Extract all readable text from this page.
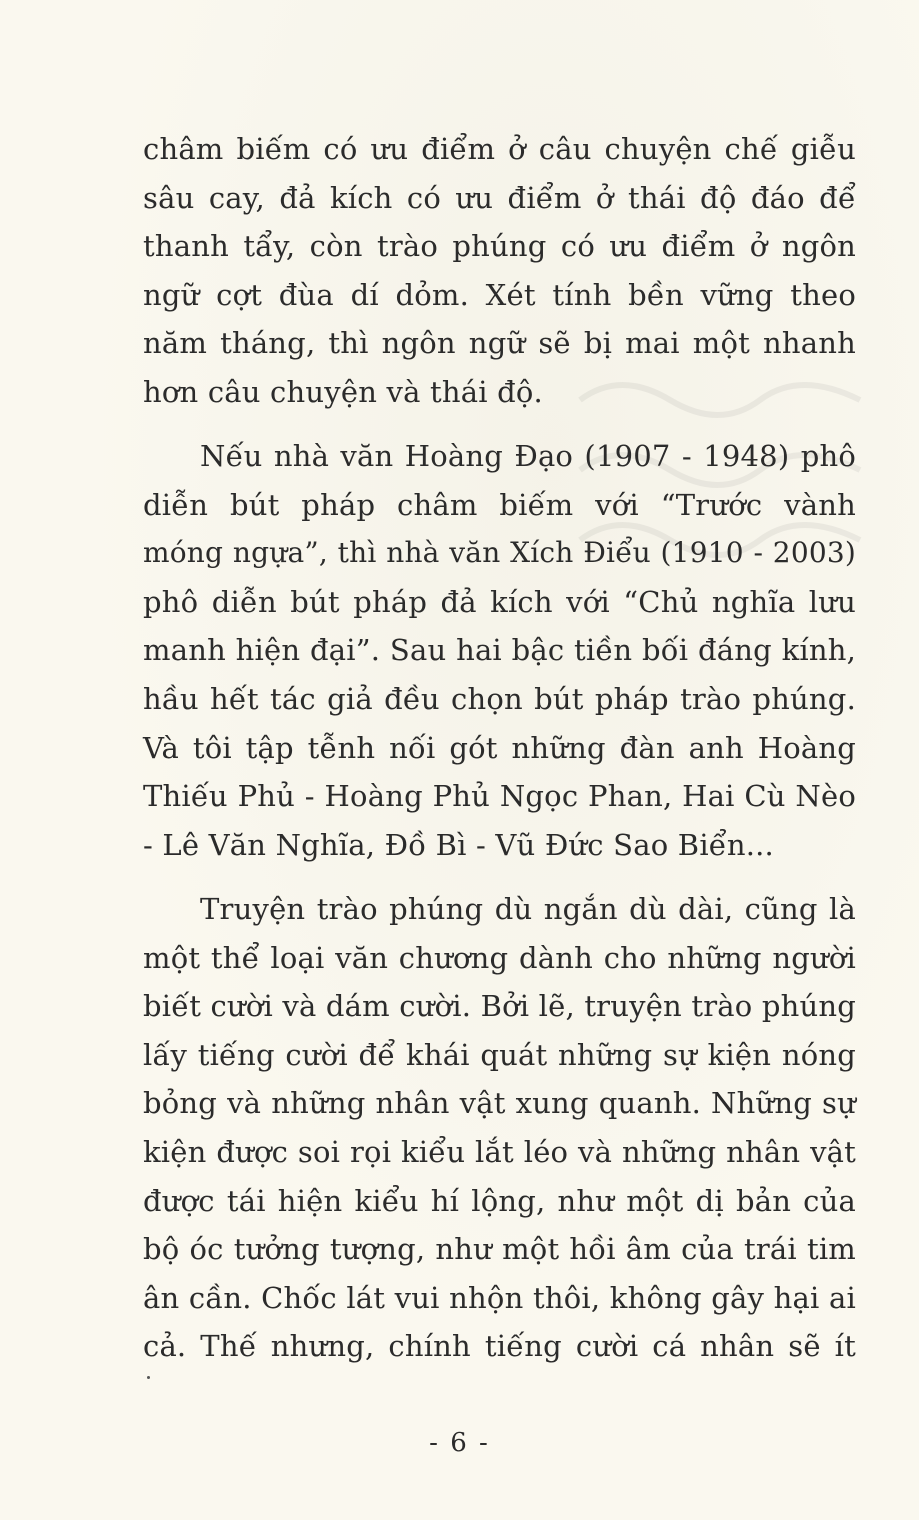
châm biếm có ưu điểm ở câu chuyện chế giễu
sâu cay, đả kích có ưu điểm ở thái độ đáo để
thanh tẩy, còn trào phúng có ưu điểm ở ngôn
ngữ cợt đùa dí dỏm. Xét tính bền vững theo
năm tháng, thì ngôn ngữ sẽ bị mai một nhanh
hơn câu chuyện và thái độ.
Nếu nhà văn Hoàng Đạo (1907 - 1948) phô
diễn bút pháp châm biếm với “Trước vành
móng ngựa”, thì nhà văn Xích Điểu (1910 - 2003)
phô diễn bút pháp đả kích với “Chủ nghĩa lưu
manh hiện đại”. Sau hai bậc tiền bối đáng kính,
hầu hết tác giả đều chọn bút pháp trào phúng.
Và tôi tập tễnh nối gót những đàn anh Hoàng
Thiếu Phủ - Hoàng Phủ Ngọc Phan, Hai Cù Nèo
- Lê Văn Nghĩa, Đồ Bì - Vũ Đức Sao Biển...
Truyện trào phúng dù ngắn dù dài, cũng là
một thể loại văn chương dành cho những người
biết cười và dám cười. Bởi lẽ, truyện trào phúng
lấy tiếng cười để khái quát những sự kiện nóng
bỏng và những nhân vật xung quanh. Những sự
kiện được soi rọi kiểu lắt léo và những nhân vật
được tái hiện kiểu hí lộng, như một dị bản của
bộ óc tưởng tượng, như một hồi âm của trái tim
ân cần. Chốc lát vui nhộn thôi, không gây hại ai
cả. Thế nhưng, chính tiếng cười cá nhân sẽ ít
- 6 -
